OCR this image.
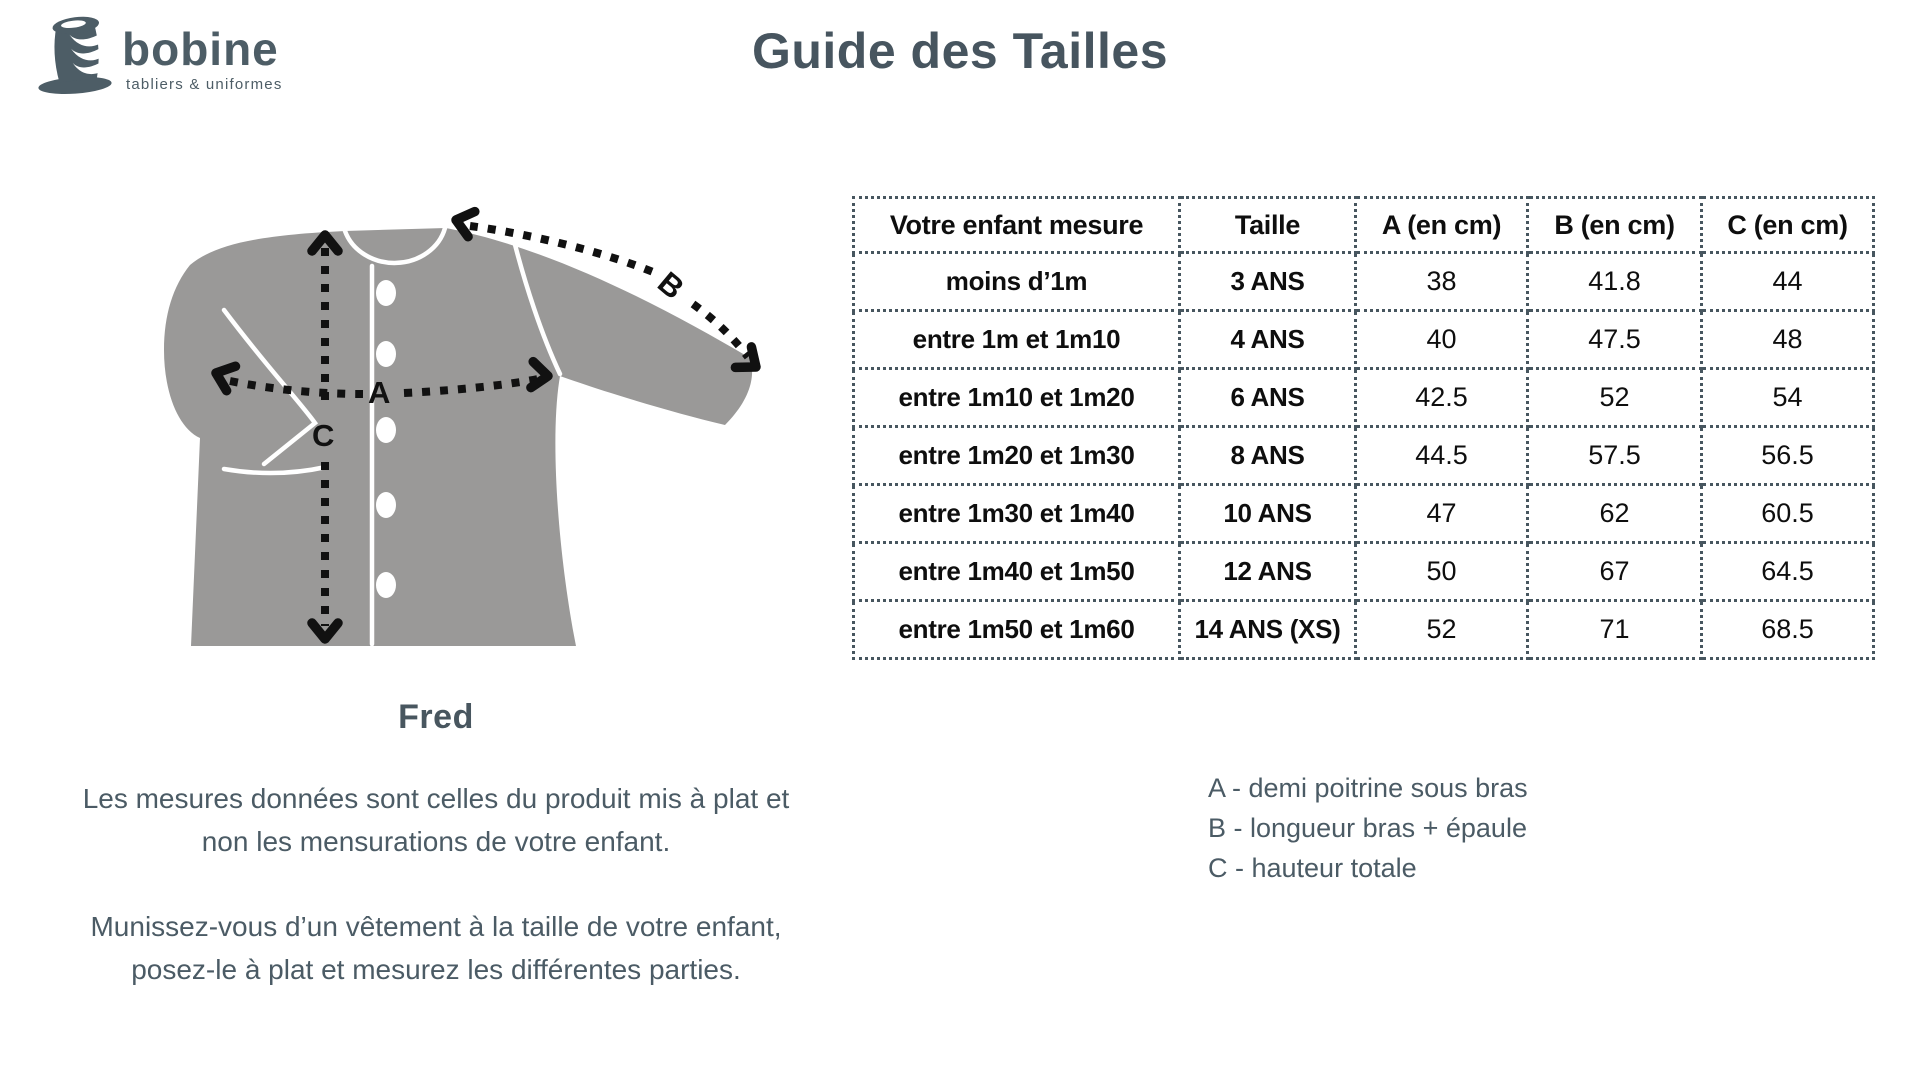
bobine
tabliers & uniformes
Guide des Tailles
A
B
C
Votre enfant mesure	Taille	A (en cm)	B (en cm)	C (en cm)
moins d’1m	3 ANS	38	41.8	44
entre 1m et 1m10	4 ANS	40	47.5	48
entre 1m10 et 1m20	6 ANS	42.5	52	54
entre 1m20 et 1m30	8 ANS	44.5	57.5	56.5
entre 1m30 et 1m40	10 ANS	47	62	60.5
entre 1m40 et 1m50	12 ANS	50	67	64.5
entre 1m50 et 1m60	14 ANS (XS)	52	71	68.5
Fred
Les mesures données sont celles du produit mis à plat et
non les mensurations de votre enfant.
Munissez-vous d’un vêtement à la taille de votre enfant,
posez-le à plat et mesurez les différentes parties.
A - demi poitrine sous bras
B - longueur bras + épaule
C - hauteur totale
